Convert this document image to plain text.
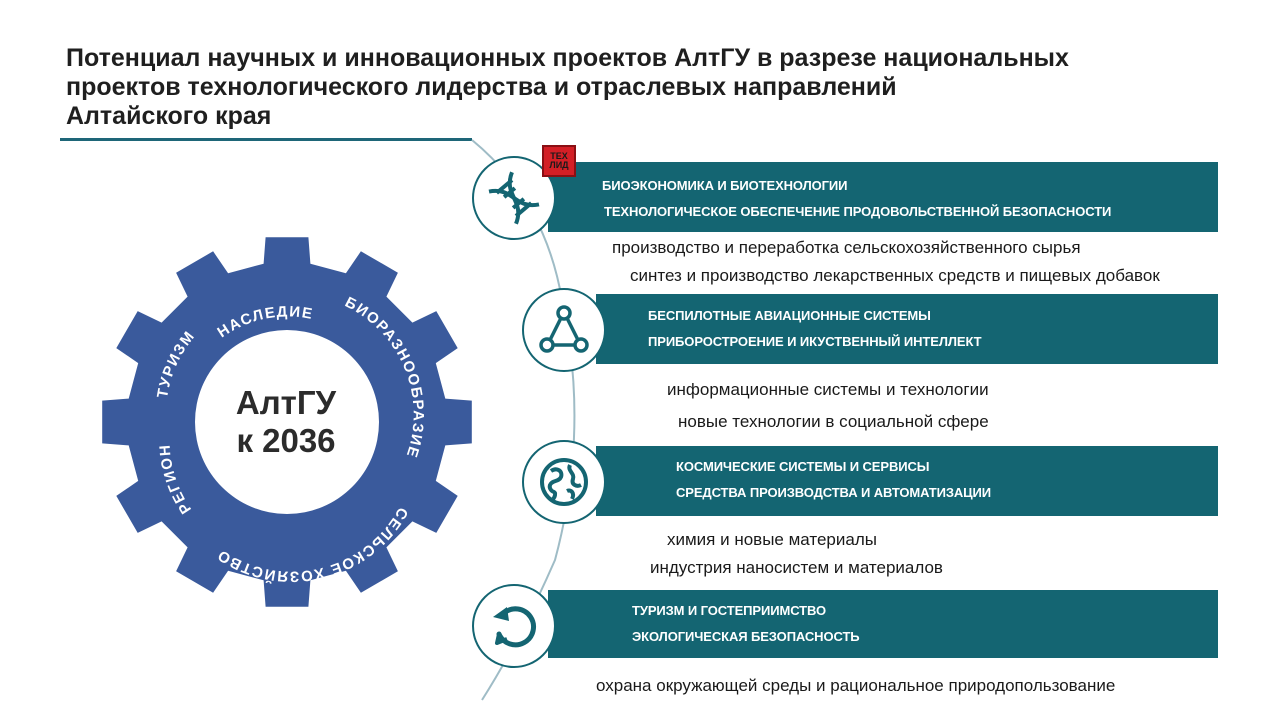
Потенциал научных и инновационных проектов АлтГУ в разрезе национальных
проектов технологического лидерства и отраслевых направлений
Алтайского края
НАСЛЕДИЕ БИОРАЗНООБРАЗИЕ
СЕЛЬСКОЕ ХОЗЯЙСТВО
РЕГИОН
ТУРИЗМ
АлтГУ
к 2036
БИОЭКОНОМИКА И БИОТЕХНОЛОГИИ
ТЕХНОЛОГИЧЕСКОЕ ОБЕСПЕЧЕНИЕ ПРОДОВОЛЬСТВЕННОЙ БЕЗОПАСНОСТИ
ТЕХ
ЛИД
производство и переработка сельскохозяйственного сырья
синтез и производство лекарственных средств и пищевых добавок
БЕСПИЛОТНЫЕ АВИАЦИОННЫЕ СИСТЕМЫ
ПРИБОРОСТРОЕНИЕ И ИКУСТВЕННЫЙ ИНТЕЛЛЕКТ
информационные системы и технологии
новые технологии в социальной сфере
КОСМИЧЕСКИЕ СИСТЕМЫ И СЕРВИСЫ
СРЕДСТВА ПРОИЗВОДСТВА И АВТОМАТИЗАЦИИ
химия и новые материалы
индустрия наносистем и материалов
ТУРИЗМ И ГОСТЕПРИИМСТВО
ЭКОЛОГИЧЕСКАЯ БЕЗОПАСНОСТЬ
охрана окружающей среды и рациональное природопользование
